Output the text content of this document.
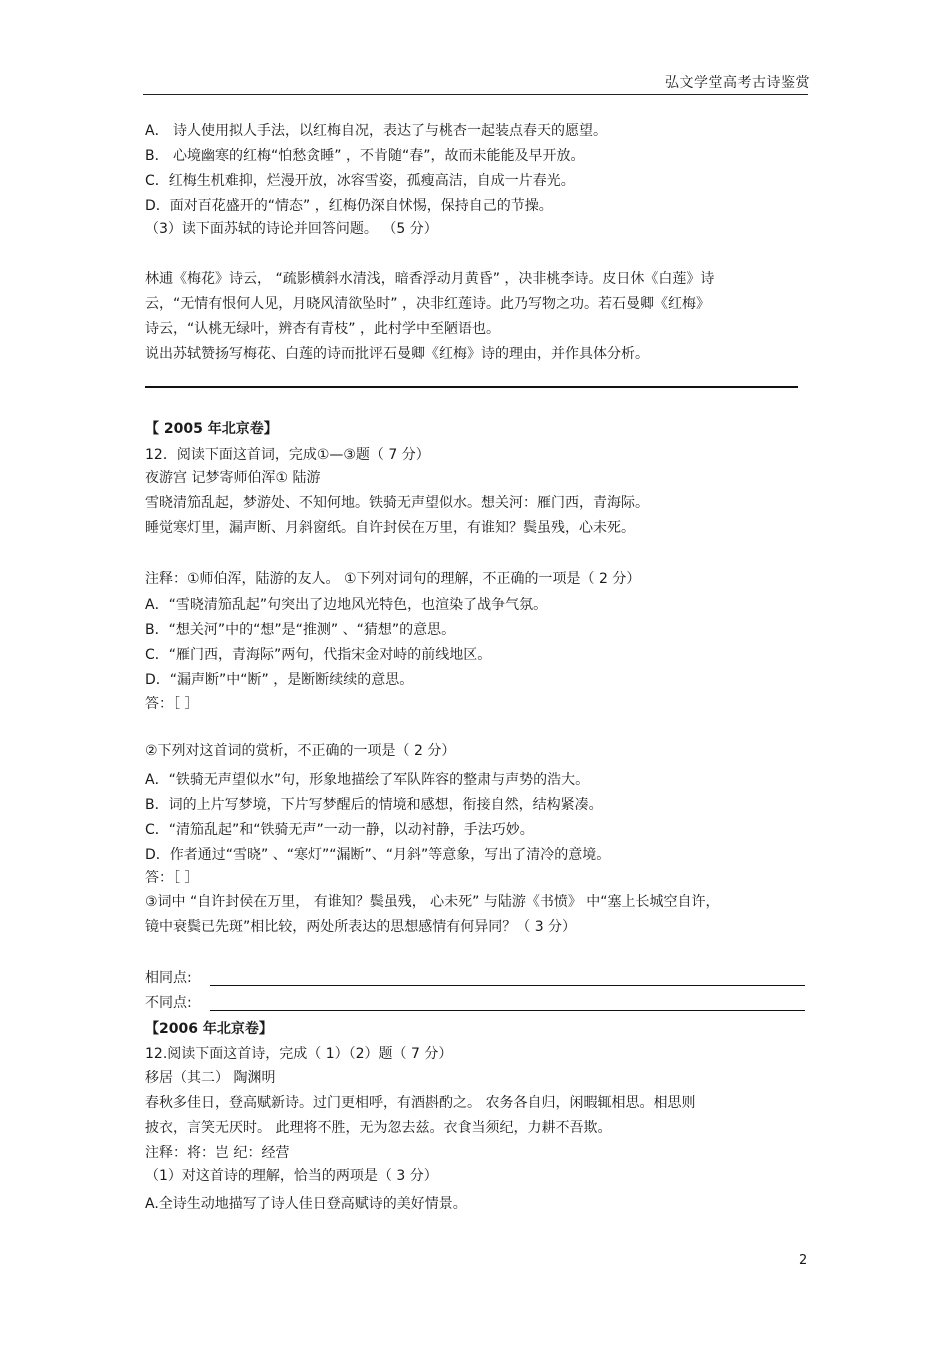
弘文学堂高考古诗鉴赏
A． 诗人使用拟人手法，以红梅自况，表达了与桃杏一起装点春天的愿望。
B． 心境幽寒的红梅“怕愁贪睡” ，不肯随“春”，故而未能能及早开放。
C．红梅生机难抑，烂漫开放，冰容雪姿，孤瘦高洁，自成一片春光。
D．面对百花盛开的“情态” ，红梅仍深自怵惕，保持自己的节操。
（3）读下面苏轼的诗论并回答问题。 （5 分）
林逋《梅花》诗云， “疏影横斜水清浅，暗香浮动月黄昏” ，决非桃李诗。皮日休《白莲》诗
云，“无情有恨何人见，月晓风清欲坠时” ，决非红莲诗。此乃写物之功。若石曼卿《红梅》
诗云，“认桃无绿叶，辨杏有青枝” ，此村学中至陋语也。
说出苏轼赞扬写梅花、白莲的诗而批评石曼卿《红梅》诗的理由，并作具体分析。
【 2005 年北京卷】
12．阅读下面这首词，完成①—③题（ 7 分）
夜游宫 记梦寄师伯浑① 陆游
雪晓清笳乱起，梦游处、不知何地。铁骑无声望似水。想关河：雁门西，青海际。
睡觉寒灯里，漏声断、月斜窗纸。自许封侯在万里，有谁知？鬓虽残，心未死。
注释：①师伯浑，陆游的友人。 ①下列对词句的理解，不正确的一项是（ 2 分）
A．“雪晓清笳乱起”句突出了边地风光特色，也渲染了战争气氛。
B．“想关河”中的“想”是“推测” 、“猜想”的意思。
C．“雁门西，青海际”两句，代指宋金对峙的前线地区。
D．“漏声断”中“断” ，是断断续续的意思。
答：［ ］
②下列对这首词的赏析，不正确的一项是（ 2 分）
A．“铁骑无声望似水”句，形象地描绘了军队阵容的整肃与声势的浩大。
B．词的上片写梦境，下片写梦醒后的情境和感想，衔接自然，结构紧凑。
C．“清笳乱起”和“铁骑无声”一动一静，以动衬静，手法巧妙。
D．作者通过“雪晓” 、“寒灯”“漏断”、“月斜”等意象，写出了清冷的意境。
答：［ ］
③词中 “自许封侯在万里， 有谁知？鬓虽残， 心未死” 与陆游《书愤》 中“塞上长城空自许，
镜中衰鬓已先斑”相比较，两处所表达的思想感情有何异同？（ 3 分）
相同点:
不同点:
【2006 年北京卷】
12.阅读下面这首诗，完成（ 1）（2）题（ 7 分）
移居（其二） 陶渊明
春秋多佳日，登高赋新诗。过门更相呼，有酒斟酌之。 农务各自归，闲暇辄相思。相思则
披衣，言笑无厌时。 此理将不胜，无为忽去兹。衣食当须纪，力耕不吾欺。
注释：将：岂 纪：经营
（1）对这首诗的理解，恰当的两项是（ 3 分）
A.全诗生动地描写了诗人佳日登高赋诗的美好情景。
2
